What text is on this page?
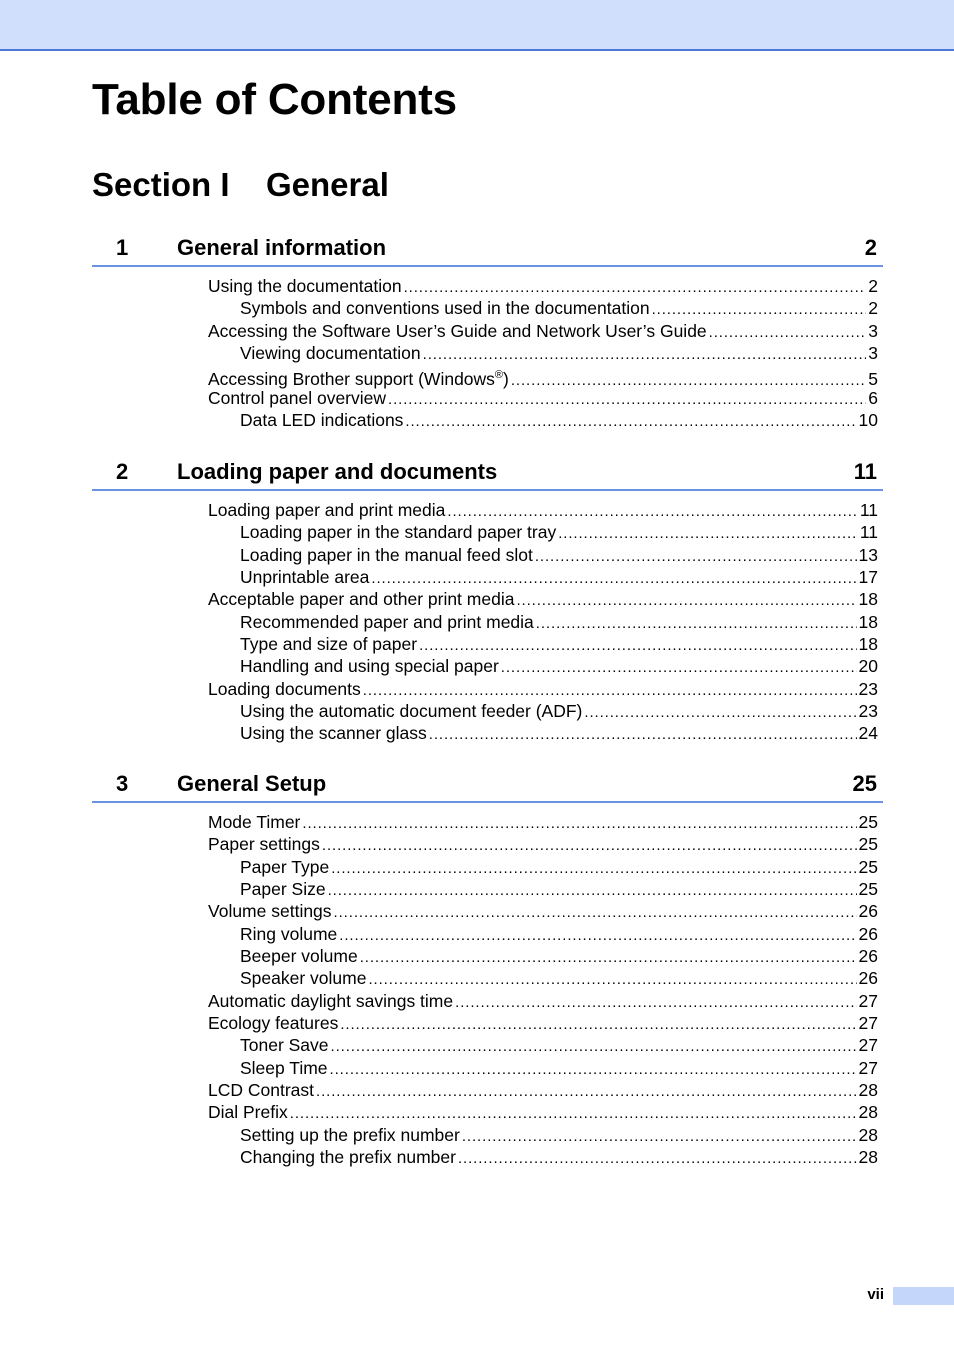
Table of Contents
Section I General
1 General information	2
Using the documentation .....	2
Symbols and conventions used in the documentation .....	2
Accessing the Software User’s Guide and Network User’s Guide .....	3
Viewing documentation .....	3
Accessing Brother support (Windows®) .....	5
Control panel overview .....	6
Data LED indications .....	10
2 Loading paper and documents	11
Loading paper and print media .....	11
Loading paper in the standard paper tray .....	11
Loading paper in the manual feed slot .....	13
Unprintable area .....	17
Acceptable paper and other print media .....	18
Recommended paper and print media .....	18
Type and size of paper .....	18
Handling and using special paper .....	20
Loading documents .....	23
Using the automatic document feeder (ADF) .....	23
Using the scanner glass .....	24
3 General Setup	25
Mode Timer .....	25
Paper settings .....	25
Paper Type .....	25
Paper Size .....	25
Volume settings .....	26
Ring volume .....	26
Beeper volume .....	26
Speaker volume .....	26
Automatic daylight savings time .....	27
Ecology features .....	27
Toner Save .....	27
Sleep Time .....	27
LCD Contrast .....	28
Dial Prefix .....	28
Setting up the prefix number .....	28
Changing the prefix number .....	28
vii
